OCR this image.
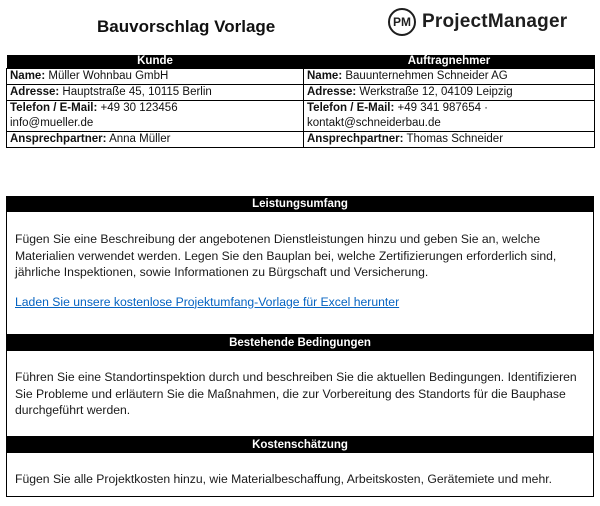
Bauvorschlag Vorlage	PM ProjectManager
Kunde	Auftragnehmer
Name: Müller Wohnbau GmbH	Name: Bauunternehmen Schneider AG
Adresse: Hauptstraße 45, 10115 Berlin	Adresse: Werkstraße 12, 04109 Leipzig
Telefon / E-Mail: +49 30 123456 info@mueller.de	Telefon / E-Mail: +49 341 987654 · kontakt@schneiderbau.de
Ansprechpartner: Anna Müller	Ansprechpartner: Thomas Schneider
Leistungsumfang
Fügen Sie eine Beschreibung der angebotenen Dienstleistungen hinzu und geben Sie an, welche Materialien verwendet werden. Legen Sie den Bauplan bei, welche Zertifizierungen erforderlich sind, jährliche Inspektionen, sowie Informationen zu Bürgschaft und Versicherung.
Laden Sie unsere kostenlose Projektumfang-Vorlage für Excel herunter
Bestehende Bedingungen
Führen Sie eine Standortinspektion durch und beschreiben Sie die aktuellen Bedingungen. Identifizieren Sie Probleme und erläutern Sie die Maßnahmen, die zur Vorbereitung des Standorts für die Bauphase durchgeführt werden.
Kostenschätzung
Fügen Sie alle Projektkosten hinzu, wie Materialbeschaffung, Arbeitskosten, Gerätemiete und mehr.
